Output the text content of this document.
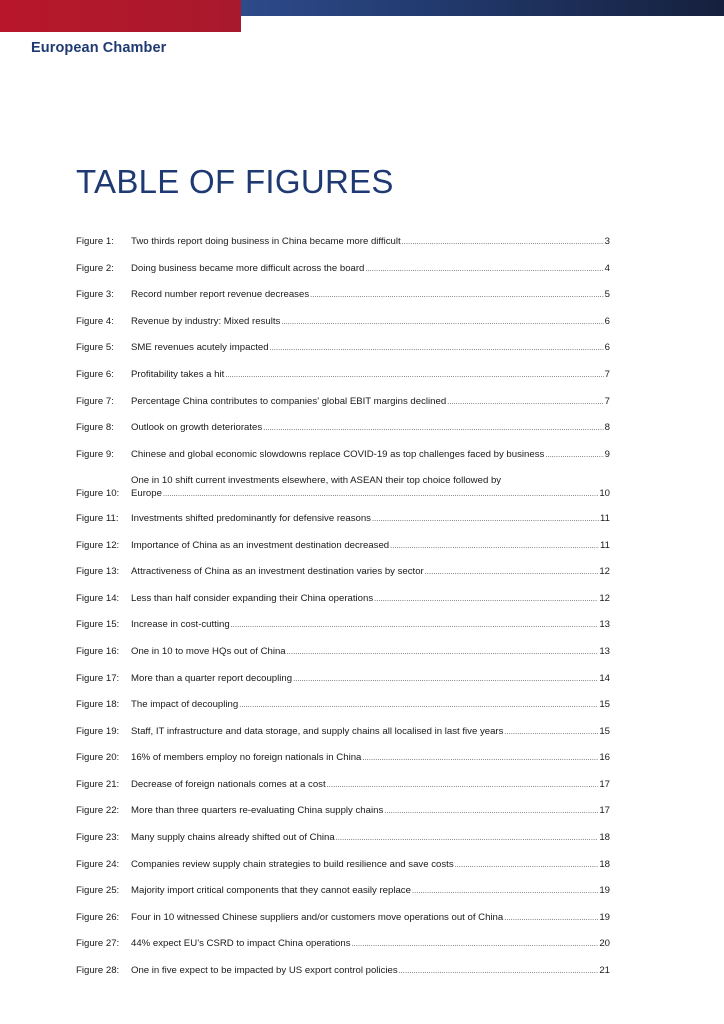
European Chamber
TABLE OF FIGURES
Figure 1:	Two thirds report doing business in China became more difficult .....	3
Figure 2:	Doing business became more difficult across the board .....	4
Figure 3:	Record number report revenue decreases .....	5
Figure 4:	Revenue by industry: Mixed results .....	6
Figure 5:	SME revenues acutely impacted .....	6
Figure 6:	Profitability takes a hit .....	7
Figure 7:	Percentage China contributes to companies’ global EBIT margins declined .....	7
Figure 8:	Outlook on growth deteriorates .....	8
Figure 9:	Chinese and global economic slowdowns replace COVID-19 as top challenges faced by business .....	9
Figure 10:
One in 10 shift current investments elsewhere, with ASEAN their top choice followed by
Europe .....	10
Figure 11:	Investments shifted predominantly for defensive reasons .....	11
Figure 12:	Importance of China as an investment destination decreased .....	11
Figure 13:	Attractiveness of China as an investment destination varies by sector .....	12
Figure 14:	Less than half consider expanding their China operations .....	12
Figure 15:	Increase in cost-cutting .....	13
Figure 16:	One in 10 to move HQs out of China .....	13
Figure 17:	More than a quarter report decoupling .....	14
Figure 18:	The impact of decoupling .....	15
Figure 19:	Staff, IT infrastructure and data storage, and supply chains all localised in last five years .....	15
Figure 20:	16% of members employ no foreign nationals in China .....	16
Figure 21:	Decrease of foreign nationals comes at a cost .....	17
Figure 22:	More than three quarters re-evaluating China supply chains .....	17
Figure 23:	Many supply chains already shifted out of China .....	18
Figure 24:	Companies review supply chain strategies to build resilience and save costs .....	18
Figure 25:	Majority import critical components that they cannot easily replace .....	19
Figure 26:	Four in 10 witnessed Chinese suppliers and/or customers move operations out of China .....	19
Figure 27:	44% expect EU’s CSRD to impact China operations .....	20
Figure 28:	One in five expect to be impacted by US export control policies .....	21
